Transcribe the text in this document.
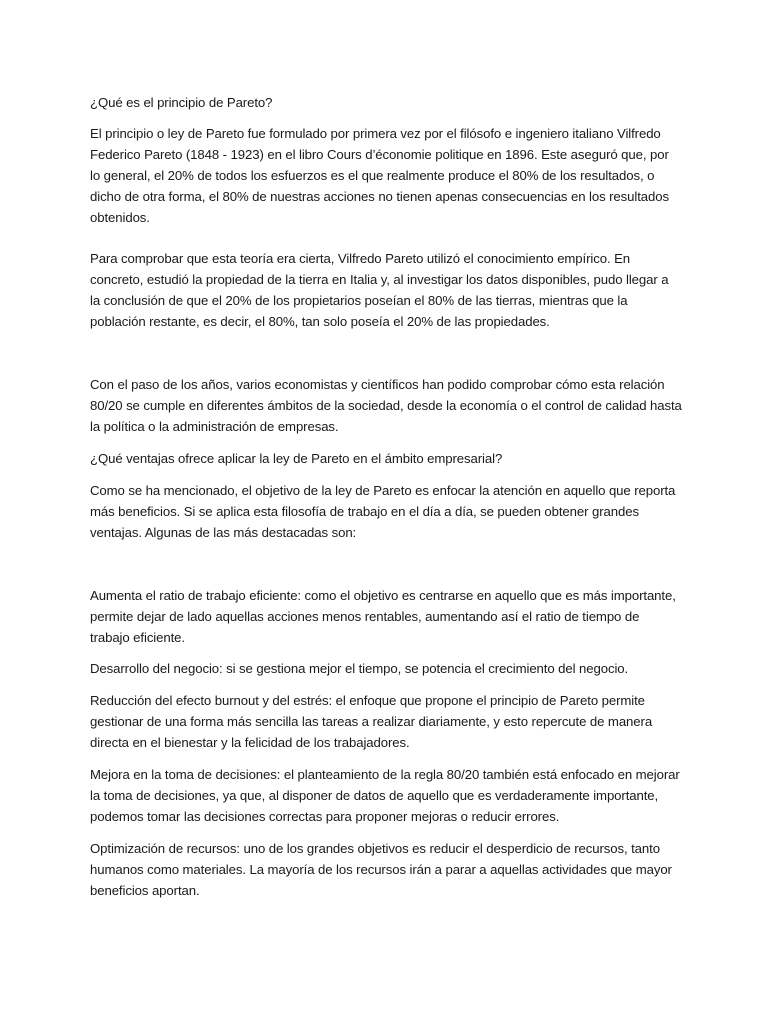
¿Qué es el principio de Pareto?

El principio o ley de Pareto fue formulado por primera vez por el filósofo e ingeniero italiano Vilfredo Federico Pareto (1848 - 1923) en el libro Cours d’économie politique en 1896. Este aseguró que, por lo general, el 20% de todos los esfuerzos es el que realmente produce el 80% de los resultados, o dicho de otra forma, el 80% de nuestras acciones no tienen apenas consecuencias en los resultados obtenidos.

Para comprobar que esta teoría era cierta, Vilfredo Pareto utilizó el conocimiento empírico. En concreto, estudió la propiedad de la tierra en Italia y, al investigar los datos disponibles, pudo llegar a la conclusión de que el 20% de los propietarios poseían el 80% de las tierras, mientras que la población restante, es decir, el 80%, tan solo poseía el 20% de las propiedades.

Con el paso de los años, varios economistas y científicos han podido comprobar cómo esta relación 80/20 se cumple en diferentes ámbitos de la sociedad, desde la economía o el control de calidad hasta la política o la administración de empresas.

¿Qué ventajas ofrece aplicar la ley de Pareto en el ámbito empresarial?

Como se ha mencionado, el objetivo de la ley de Pareto es enfocar la atención en aquello que reporta más beneficios. Si se aplica esta filosofía de trabajo en el día a día, se pueden obtener grandes ventajas. Algunas de las más destacadas son:

Aumenta el ratio de trabajo eficiente: como el objetivo es centrarse en aquello que es más importante, permite dejar de lado aquellas acciones menos rentables, aumentando así el ratio de tiempo de trabajo eficiente.

Desarrollo del negocio: si se gestiona mejor el tiempo, se potencia el crecimiento del negocio.

Reducción del efecto burnout y del estrés: el enfoque que propone el principio de Pareto permite gestionar de una forma más sencilla las tareas a realizar diariamente, y esto repercute de manera directa en el bienestar y la felicidad de los trabajadores.

Mejora en la toma de decisiones: el planteamiento de la regla 80/20 también está enfocado en mejorar la toma de decisiones, ya que, al disponer de datos de aquello que es verdaderamente importante, podemos tomar las decisiones correctas para proponer mejoras o reducir errores.

Optimización de recursos: uno de los grandes objetivos es reducir el desperdicio de recursos, tanto humanos como materiales. La mayoría de los recursos irán a parar a aquellas actividades que mayor beneficios aportan.
